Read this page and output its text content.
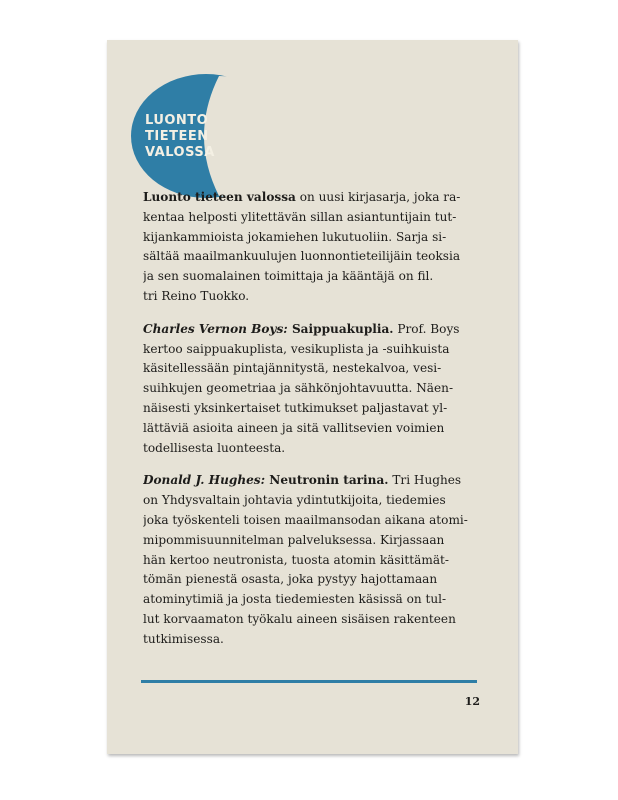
LUONTO
TIETEEN
VALOSSA
Luonto tieteen valossa on uusi kirjasarja, joka ra-
kentaa helposti ylitettävän sillan asiantuntijain tut-
kijankammioista jokamiehen lukutuoliin. Sarja si-
sältää maailmankuulujen luonnontieteilijäin teoksia
ja sen suomalainen toimittaja ja kääntäjä on fil.
tri Reino Tuokko.
Charles Vernon Boys: Saippuakuplia. Prof. Boys
kertoo saippuakuplista, vesikuplista ja -suihkuista
käsitellessään pintajännitystä, nestekalvoa, vesi-
suihkujen geometriaa ja sähkönjohtavuutta. Näen-
näisesti yksinkertaiset tutkimukset paljastavat yl-
lättäviä asioita aineen ja sitä vallitsevien voimien
todellisesta luonteesta.
Donald J. Hughes: Neutronin tarina. Tri Hughes
on Yhdysvaltain johtavia ydintutkijoita, tiedemies
joka työskenteli toisen maailmansodan aikana atomi-
mipommisuunnitelman palveluksessa. Kirjassaan
hän kertoo neutronista, tuosta atomin käsittämät-
tömän pienestä osasta, joka pystyy hajottamaan
atominytimiä ja josta tiedemiesten käsissä on tul-
lut korvaamaton työkalu aineen sisäisen rakenteen
tutkimisessa.
12
